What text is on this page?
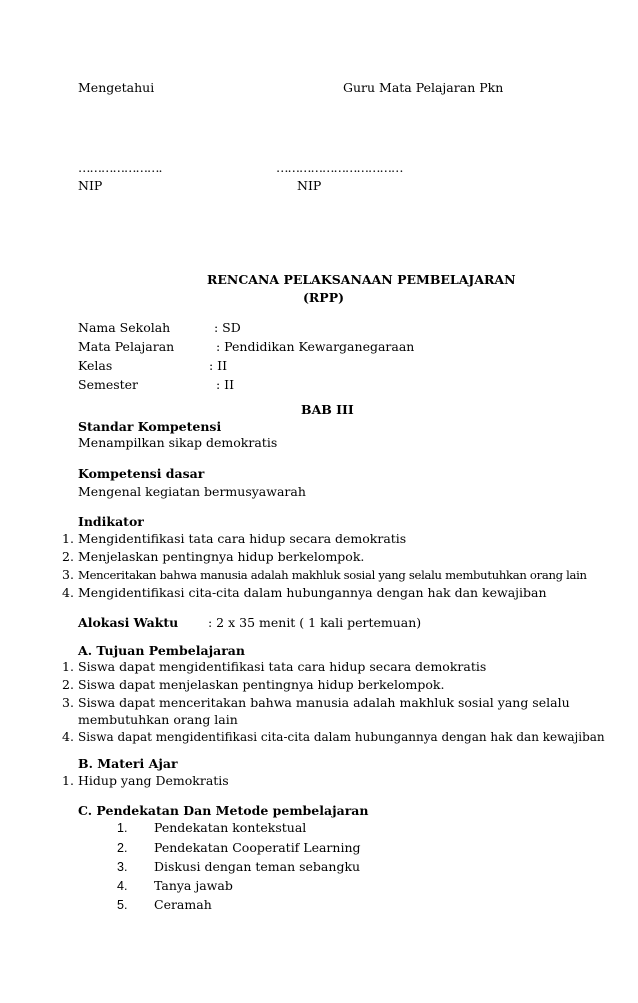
Mengetahui	Guru Mata Pelajaran Pkn
………………….	……………………………
NIP	NIP
RENCANA PELAKSANAAN PEMBELAJARAN
(RPP)
Nama Sekolah	: SD
Mata Pelajaran	: Pendidikan Kewarganegaraan
Kelas	: II
Semester	: II
BAB III
Standar Kompetensi
Menampilkan sikap demokratis
Kompetensi dasar
Mengenal kegiatan bermusyawarah
Indikator
1. Mengidentifikasi tata cara hidup secara demokratis
2. Menjelaskan pentingnya hidup berkelompok.
3. Menceritakan bahwa manusia adalah makhluk sosial yang selalu membutuhkan orang lain
4. Mengidentifikasi cita-cita dalam hubungannya dengan hak dan kewajiban
Alokasi Waktu : 2 x 35 menit ( 1 kali pertemuan)
A. Tujuan Pembelajaran
1. Siswa dapat mengidentifikasi tata cara hidup secara demokratis
2. Siswa dapat menjelaskan pentingnya hidup berkelompok.
3. Siswa dapat menceritakan bahwa manusia adalah makhluk sosial yang selalu
membutuhkan orang lain
4. Siswa dapat mengidentifikasi cita-cita dalam hubungannya dengan hak dan kewajiban
B. Materi Ajar
1. Hidup yang Demokratis
C. Pendekatan Dan Metode pembelajaran
1. Pendekatan kontekstual
2. Pendekatan Cooperatif Learning
3. Diskusi dengan teman sebangku
4. Tanya jawab
5. Ceramah
